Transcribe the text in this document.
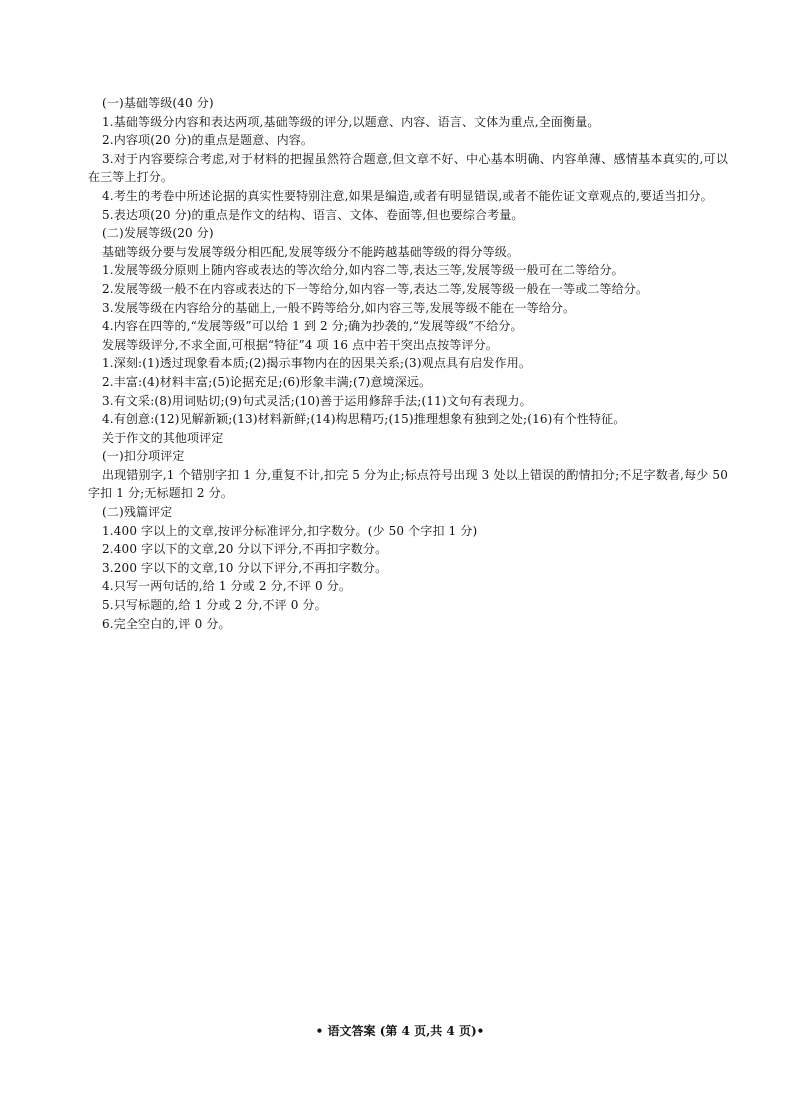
(一)基础等级(40 分)
1.基础等级分内容和表达两项,基础等级的评分,以题意、内容、语言、文体为重点,全面衡量。
2.内容项(20 分)的重点是题意、内容。
3.对于内容要综合考虑,对于材料的把握虽然符合题意,但文章不好、中心基本明确、内容单薄、感情基本真实的,可以在三等上打分。
4.考生的考卷中所述论据的真实性要特别注意,如果是编造,或者有明显错误,或者不能佐证文章观点的,要适当扣分。
5.表达项(20 分)的重点是作文的结构、语言、文体、卷面等,但也要综合考量。
(二)发展等级(20 分)
基础等级分要与发展等级分相匹配,发展等级分不能跨越基础等级的得分等级。
1.发展等级分原则上随内容或表达的等次给分,如内容二等,表达三等,发展等级一般可在二等给分。
2.发展等级一般不在内容或表达的下一等给分,如内容一等,表达二等,发展等级一般在一等或二等给分。
3.发展等级在内容给分的基础上,一般不跨等给分,如内容三等,发展等级不能在一等给分。
4.内容在四等的,“发展等级”可以给 1 到 2 分;确为抄袭的,“发展等级”不给分。
发展等级评分,不求全面,可根据“特征”4 项 16 点中若干突出点按等评分。
1.深刻:(1)透过现象看本质;(2)揭示事物内在的因果关系;(3)观点具有启发作用。
2.丰富:(4)材料丰富;(5)论据充足;(6)形象丰满;(7)意境深远。
3.有文采:(8)用词贴切;(9)句式灵活;(10)善于运用修辞手法;(11)文句有表现力。
4.有创意:(12)见解新颖;(13)材料新鲜;(14)构思精巧;(15)推理想象有独到之处;(16)有个性特征。
关于作文的其他项评定
(一)扣分项评定
出现错别字,1 个错别字扣 1 分,重复不计,扣完 5 分为止;标点符号出现 3 处以上错误的酌情扣分;不足字数者,每少 50 字扣 1 分;无标题扣 2 分。
(二)残篇评定
1.400 字以上的文章,按评分标准评分,扣字数分。(少 50 个字扣 1 分)
2.400 字以下的文章,20 分以下评分,不再扣字数分。
3.200 字以下的文章,10 分以下评分,不再扣字数分。
4.只写一两句话的,给 1 分或 2 分,不评 0 分。
5.只写标题的,给 1 分或 2 分,不评 0 分。
6.完全空白的,评 0 分。
• 语文答案 (第 4 页,共 4 页)•
